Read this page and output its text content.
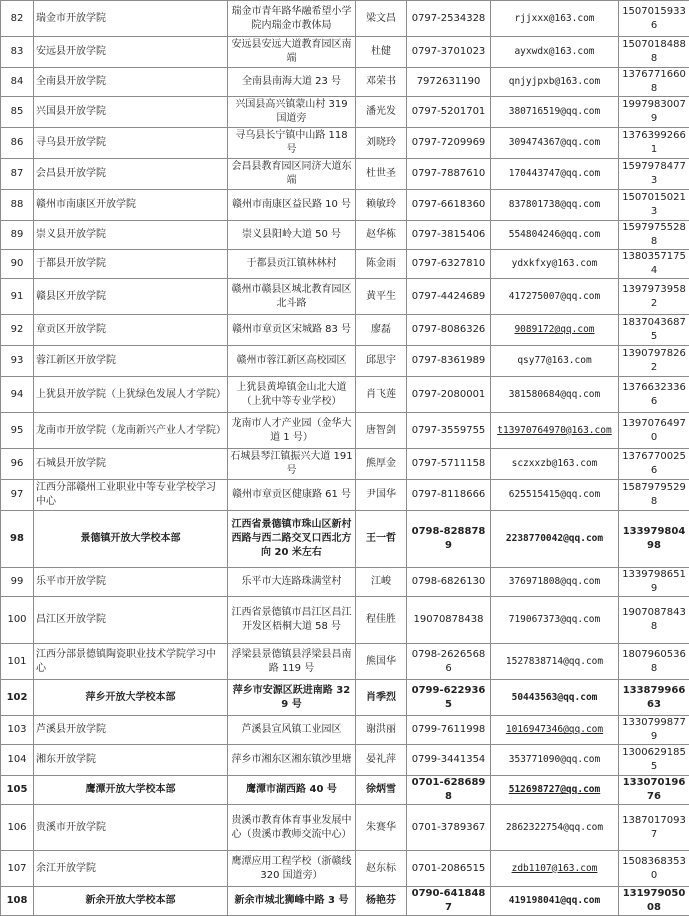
82	瑞金市开放学院	瑞金市青年路华融希望小学院内瑞金市教体局	梁文昌	0797-2534328	rjjxxx@163.com	15070159336
83	安远县开放学院	安远县安远大道教育园区南端	杜健	0797-3701023	ayxwdx@163.com	15070184888
84	全南县开放学院	全南县南海大道 23 号	邓荣书	7972631190	qnjyjpxb@163.com	13767716608
85	兴国县开放学院	兴国县高兴镇蒙山村 319 国道旁	潘光发	0797-5201701	380716519@qq.com	19979830079
86	寻乌县开放学院	寻乌县长宁镇中山路 118 号	刘晓玲	0797-7209969	309474367@qq.com	13763992661
87	会昌县开放学院	会昌县教育园区同济大道东端	杜世圣	0797-7887610	170443747@qq.com	15979784773
88	赣州市南康区开放学院	赣州市南康区益民路 10 号	赖敏玲	0797-6618360	837801738@qq.com	15070150213
89	崇义县开放学院	崇义县阳岭大道 50 号	赵华栋	0797-3815406	554804246@qq.com	15979755288
90	于都县开放学院	于都县贡江镇林林村	陈金雨	0797-6327810	ydxkfxy@163.com	13803571754
91	赣县区开放学院	赣州市赣县区城北教育园区北斗路	黄平生	0797-4424689	417275007@qq.com	13979739582
92	章贡区开放学院	赣州市章贡区宋城路 83 号	廖磊	0797-8086326	9089172@qq.com	18370436875
93	蓉江新区开放学院	赣州市蓉江新区高校园区	邱思宇	0797-8361989	qsy77@163.com	13907978262
94	上犹县开放学院（上犹绿色发展人才学院）	上犹县黄埠镇金山北大道（上犹中等专业学校）	肖飞莲	0797-2080001	381580684@qq.com	13766323366
95	龙南市开放学院（龙南新兴产业人才学院）	龙南市人才产业园（金华大道 1 号）	唐智剑	0797-3559755	t13970764970@163.com	13970764970
96	石城县开放学院	石城县琴江镇振兴大道 191 号	熊厚金	0797-5711158	sczxxzb@163.com	13767700256
97	江西分部赣州工业职业中等专业学校学习中心	赣州市章贡区健康路 61 号	尹国华	0797-8118666	625515415@qq.com	15879795298
98	景德镇开放大学校本部	江西省景德镇市珠山区新村西路与西二路交叉口西北方向 20 米左右	王一哲	0798-8288789	2238770042@qq.com	13397980498
99	乐平市开放学院	乐平市大连路珠满堂村	江峻	0798-6826130	376971808@qq.com	13397986519
100	昌江区开放学院	江西省景德镇市昌江区昌江开发区梧桐大道 58 号	程佳胜	19070878438	719067373@qq.com	19070878438
101	江西分部景德镇陶瓷职业技术学院学习中心	浮梁县景德镇县浮梁县昌南路 119 号	熊国华	0798-26265686	1527838714@qq.com	18079605368
102	萍乡开放大学校本部	萍乡市安源区跃进南路 329 号	肖季烈	0799-6229365	50443563@qq.com	13387996663
103	芦溪县开放学院	芦溪县宣风镇工业园区	谢洪丽	0799-7611998	1016947346@qq.com	13307998779
104	湘东开放学院	萍乡市湘东区湘东镇沙里塘	晏礼萍	0799-3441354	353771090@qq.com	13006291855
105	鹰潭开放大学校本部	鹰潭市湖西路 40 号	徐炳雪	0701-6286898	512698727@qq.com	13307019676
106	贵溪市开放学院	贵溪市教育体育事业发展中心（贵溪市教师交流中心）	朱赛华	0701-3789367	2862322754@qq.com	13870170937
107	余江开放学院	鹰潭应用工程学校（浙赣线 320 国道旁）	赵东标	0701-2086515	zdb1107@163.com	15083683530
108	新余开放大学校本部	新余市城北狮峰中路 3 号	杨艳芬	0790-6418487	419198041@qq.com	13197905008
